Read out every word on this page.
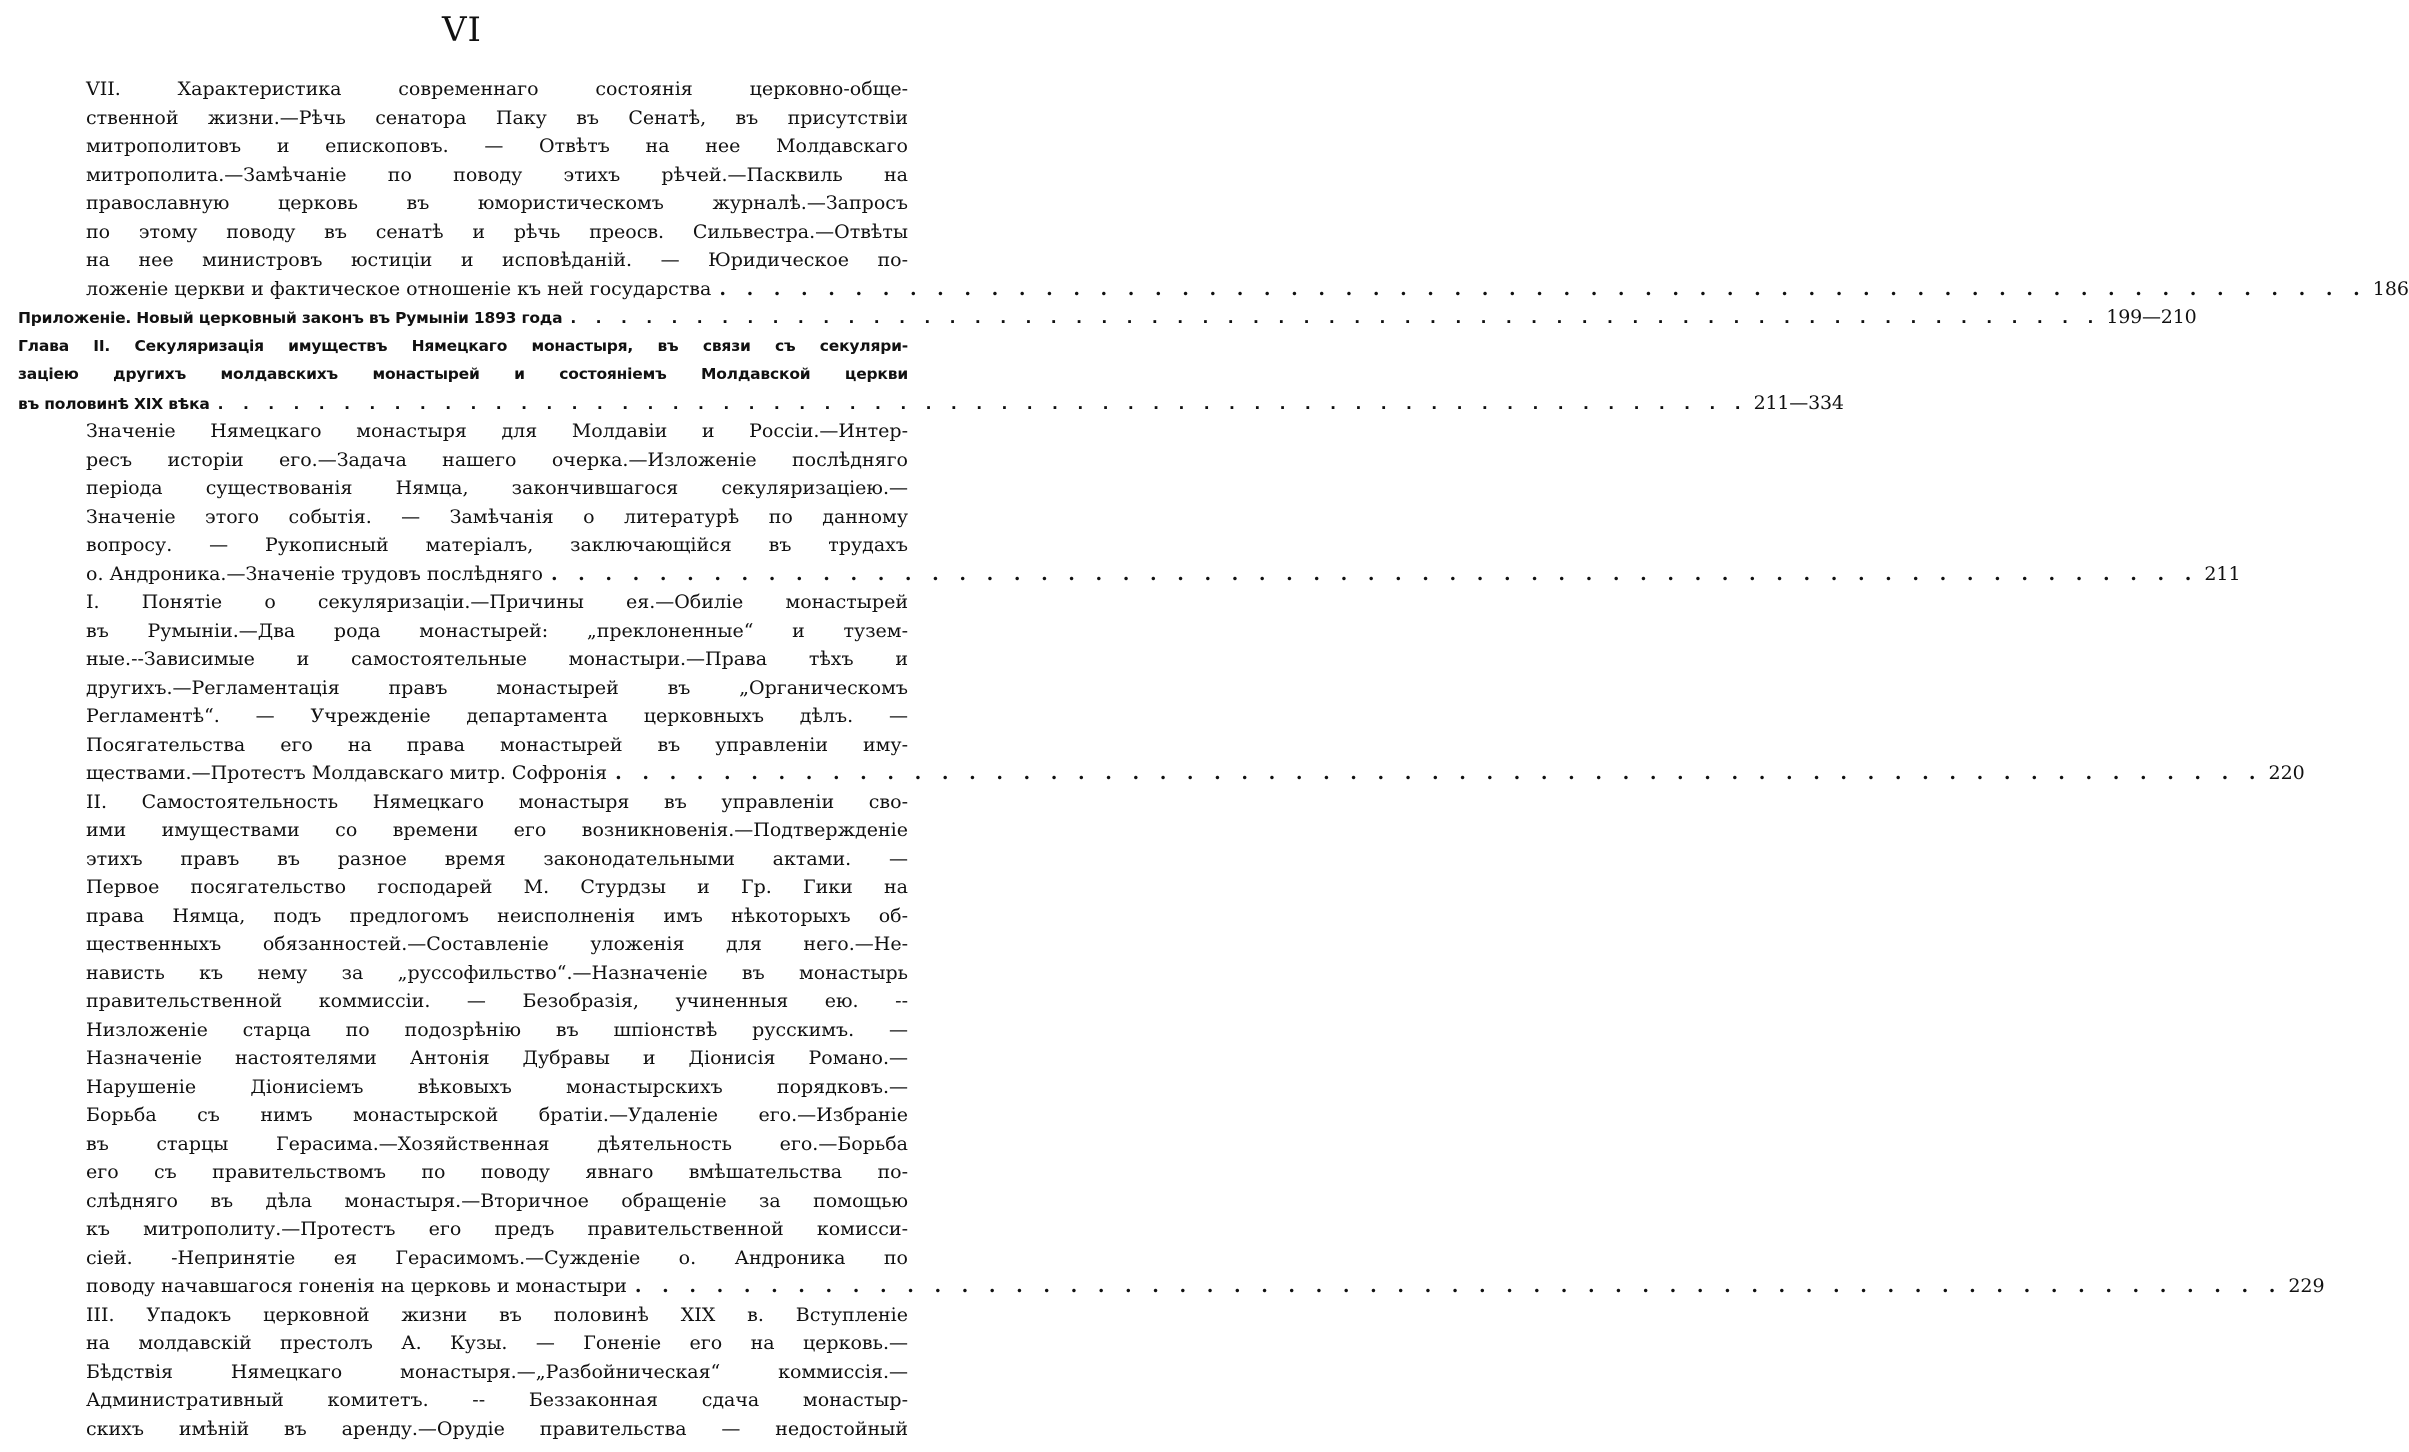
VI
VII. Характеристика современнаго состоянія церковно-обще-
ственной жизни.—Рѣчь сенатора Паку въ Сенатѣ, въ присутствіи
митрополитовъ и епископовъ. — Отвѣтъ на нее Молдавскаго
митрополита.—Замѣчаніе по поводу этихъ рѣчей.—Пасквиль на
православную церковь въ юмористическомъ журналѣ.—Запросъ
по этому поводу въ сенатѣ и рѣчь преосв. Сильвестра.—Отвѣты
на нее министровъ юстиціи и исповѣданій. — Юридическое по-
ложеніе церкви и фактическое отношеніе къ ней государства . . .	186
Приложеніе. Новый церковный законъ въ Румыніи 1893 года . . .	199—210
Глава II. Секуляризація имуществъ Нямецкаго монастыря, въ связи съ секуляри-
заціею другихъ молдавскихъ монастырей и состояніемъ Молдавской церкви
въ половинѣ XIX вѣка . . .	211—334
Значеніе Нямецкаго монастыря для Молдавіи и Россіи.—Интер-
ресъ исторіи его.—Задача нашего очерка.—Изложеніе послѣдняго
періода существованія Нямца, закончившагося секуляризаціею.—
Значеніе этого событія. — Замѣчанія о литературѣ по данному
вопросу. — Рукописный матеріалъ, заключающійся въ трудахъ
о. Андроника.—Значеніе трудовъ послѣдняго . . .	211
I. Понятіе о секуляризаціи.—Причины ея.—Обиліе монастырей
въ Румыніи.—Два рода монастырей: „преклоненные“ и тузем-
ные.--Зависимые и самостоятельные монастыри.—Права тѣхъ и
другихъ.—Регламентація правъ монастырей въ „Органическомъ
Регламентѣ“. — Учрежденіе департамента церковныхъ дѣлъ. —
Посягательства его на права монастырей въ управленіи иму-
ществами.—Протестъ Молдавскаго митр. Софронія . . .	220
II. Самостоятельность Нямецкаго монастыря въ управленіи сво-
ими имуществами со времени его возникновенія.—Подтвержденіе
этихъ правъ въ разное время законодательными актами. —
Первое посягательство господарей М. Стурдзы и Гр. Гики на
права Нямца, подъ предлогомъ неисполненія имъ нѣкоторыхъ об-
щественныхъ обязанностей.—Составленіе уложенія для него.—Не-
нависть къ нему за „руссофильство“.—Назначеніе въ монастырь
правительственной коммиссіи. — Безобразія, учиненныя ею. --
Низложеніе старца по подозрѣнію въ шпіонствѣ русскимъ. —
Назначеніе настоятелями Антонія Дубравы и Діонисія Романо.—
Нарушеніе Діонисіемъ вѣковыхъ монастырскихъ порядковъ.—
Борьба съ нимъ монастырской братіи.—Удаленіе его.—Избраніе
въ старцы Герасима.—Хозяйственная дѣятельность его.—Борьба
его съ правительствомъ по поводу явнаго вмѣшательства по-
слѣдняго въ дѣла монастыря.—Вторичное обращеніе за помощью
къ митрополиту.—Протестъ его предъ правительственной комисси-
сіей. -Непринятіе ея Герасимомъ.—Сужденіе о. Андроника по
поводу начавшагося гоненія на церковь и монастыри . . .	229
III. Упадокъ церковной жизни въ половинѣ XIX в. Вступленіе
на молдавскій престолъ А. Кузы. — Гоненіе его на церковь.—
Бѣдствія Нямецкаго монастыря.—„Разбойническая“ коммиссія.—
Административный комитетъ. -- Беззаконная сдача монастыр-
скихъ имѣній въ аренду.—Орудіе правительства — недостойный
